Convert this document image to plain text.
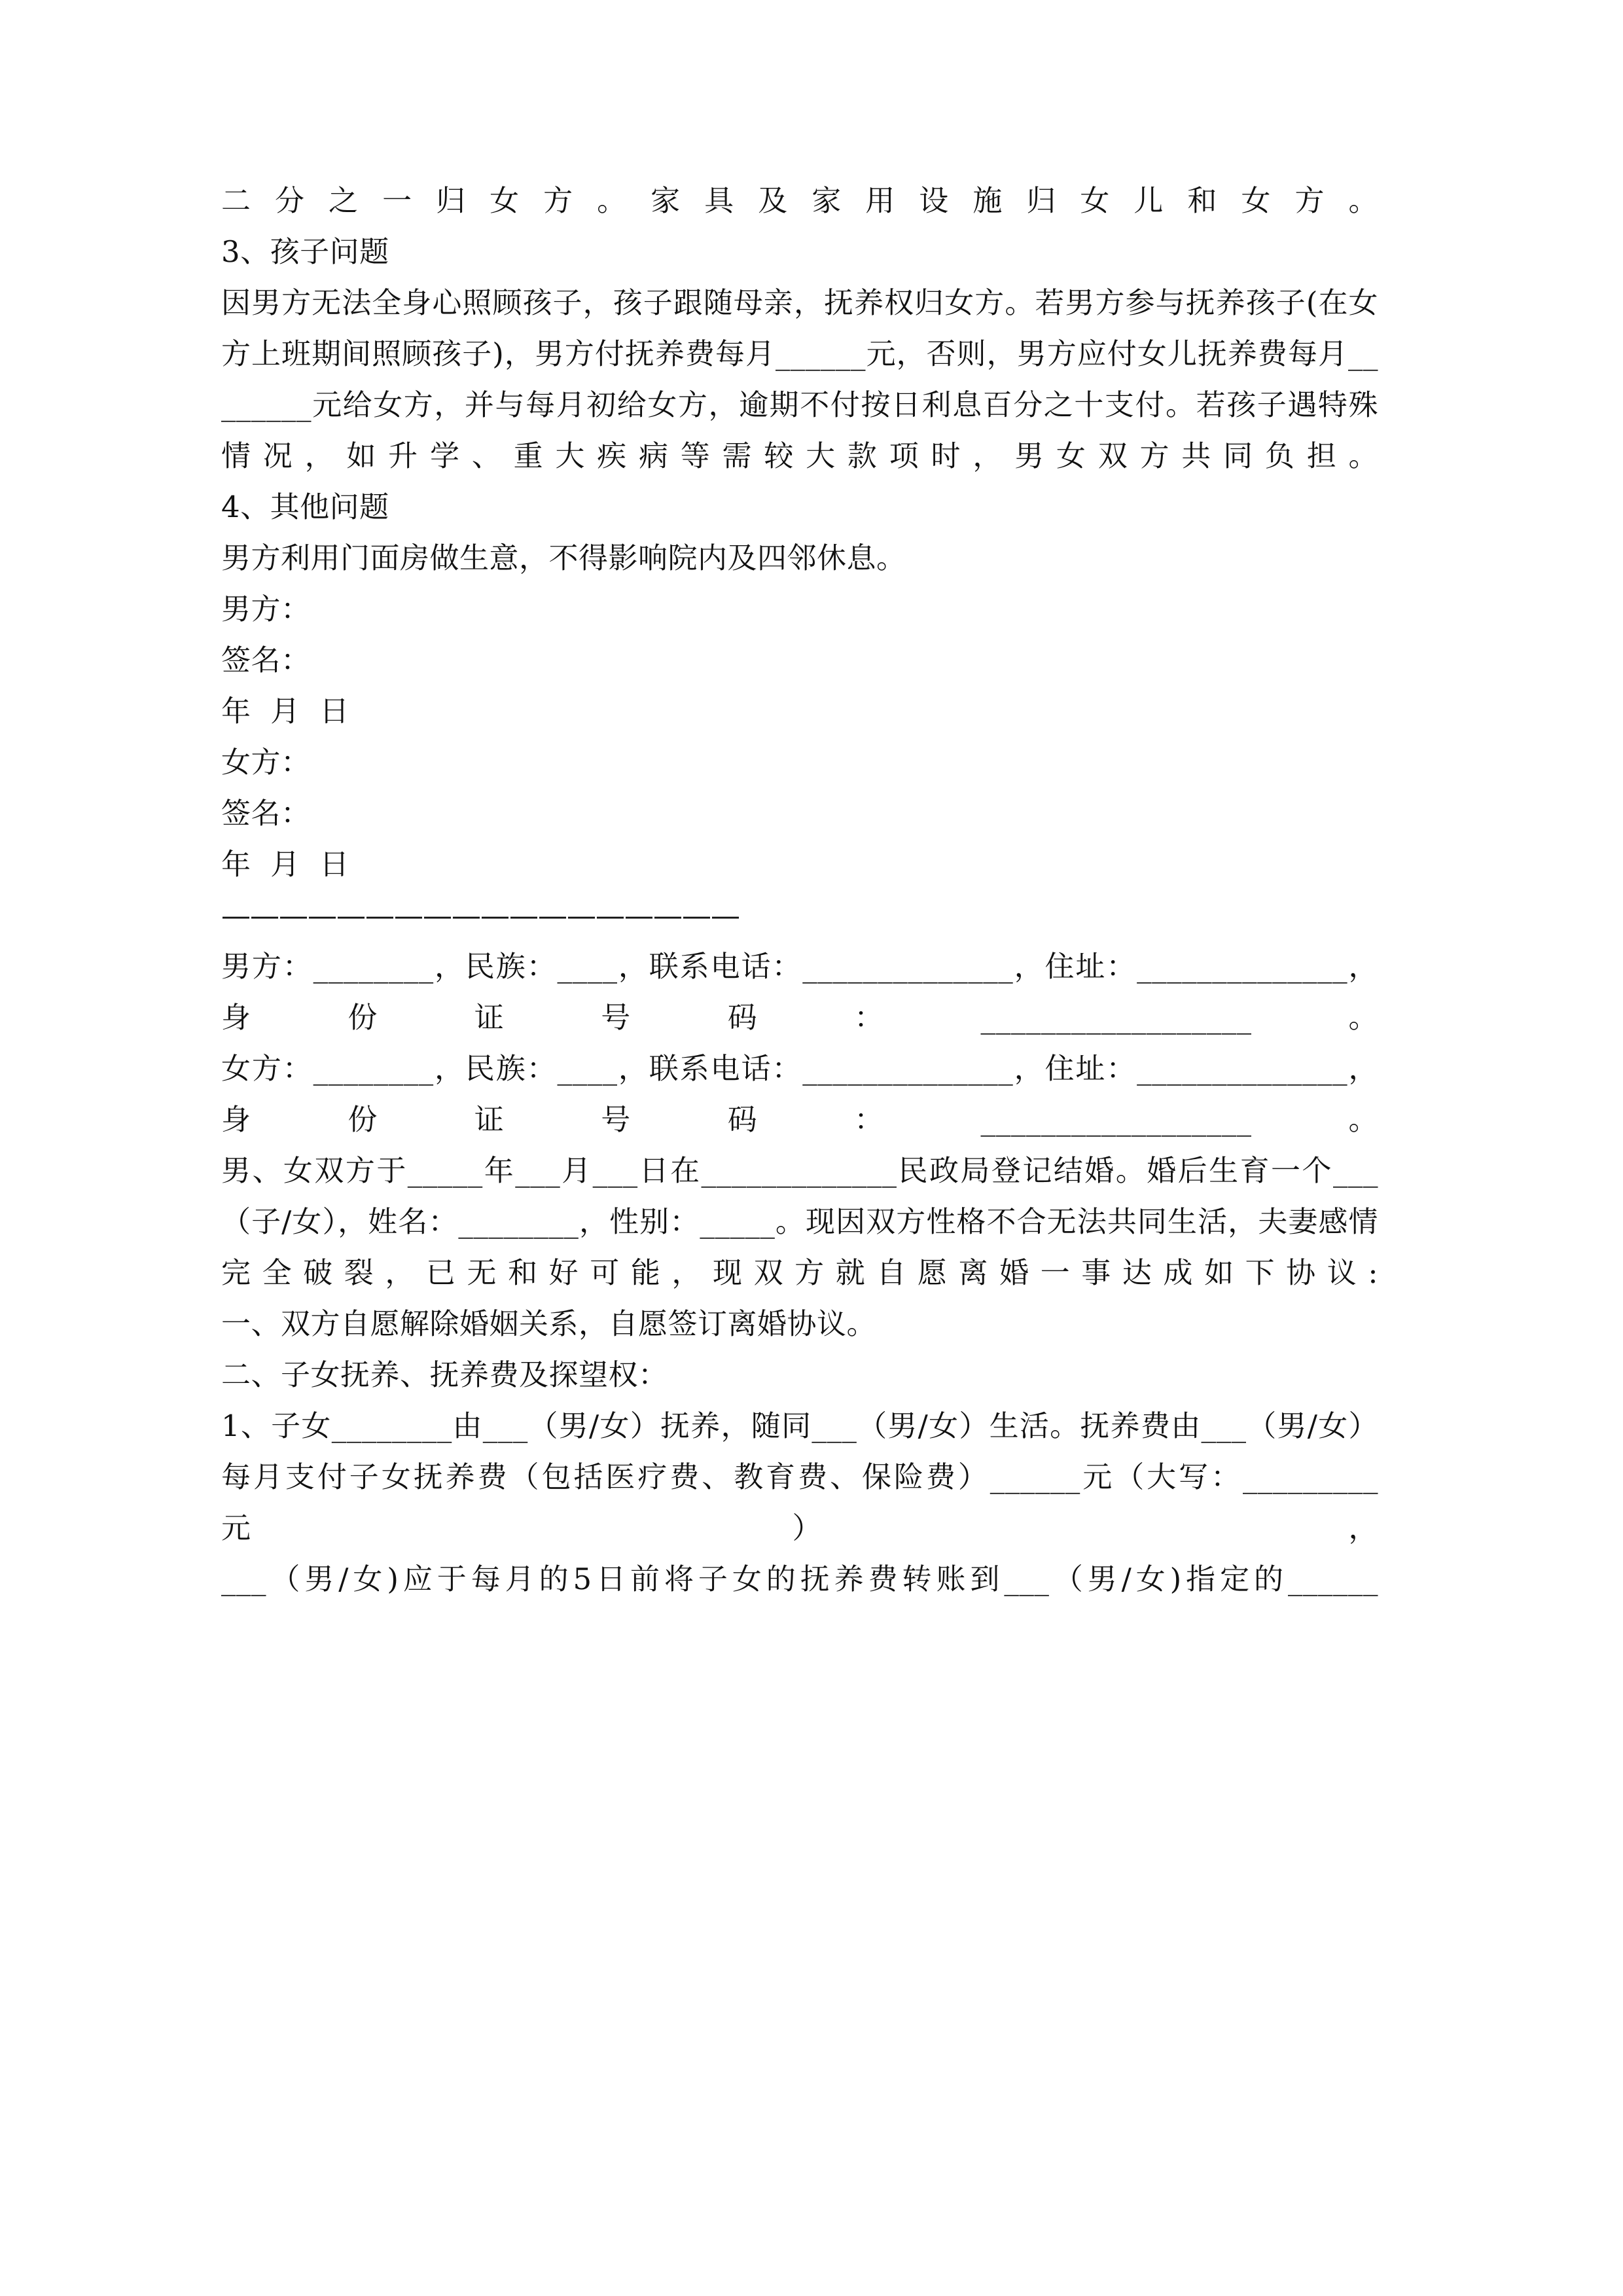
二分之一归女方。家具及家用设施归女儿和女方。

3、孩子问题

因男方无法全身心照顾孩子，孩子跟随母亲，抚养权归女方。若男方参与抚养孩子(在女方上班期间照顾孩子)，男方付抚养费每月______元，否则，男方应付女儿抚养费每月________元给女方，并与每月初给女方，逾期不付按日利息百分之十支付。若孩子遇特殊情况，如升学、重大疾病等需较大款项时，男女双方共同负担。

4、其他问题

男方利用门面房做生意，不得影响院内及四邻休息。

男方：

签名：

年  月  日

女方：

签名：

年  月  日

——————————————————

男方：________，民族：____，联系电话：______________，住址：______________，身份证号码：__________________。

女方：________，民族：____，联系电话：______________，住址：______________，身份证号码：__________________。

男、女双方于_____年___月___日在_____________民政局登记结婚。婚后生育一个___（子/女），姓名：________，性别：_____。现因双方性格不合无法共同生活，夫妻感情完全破裂，已无和好可能，现双方就自愿离婚一事达成如下协议:

一、双方自愿解除婚姻关系，自愿签订离婚协议。

二、子女抚养、抚养费及探望权：

1、子女________由___（男/女）抚养，随同___（男/女）生活。抚养费由___（男/女）每月支付子女抚养费（包括医疗费、教育费、保险费）______元（大写：_________元），

___（男/女)应于每月的5日前将子女的抚养费转账到___（男/女)指定的______
